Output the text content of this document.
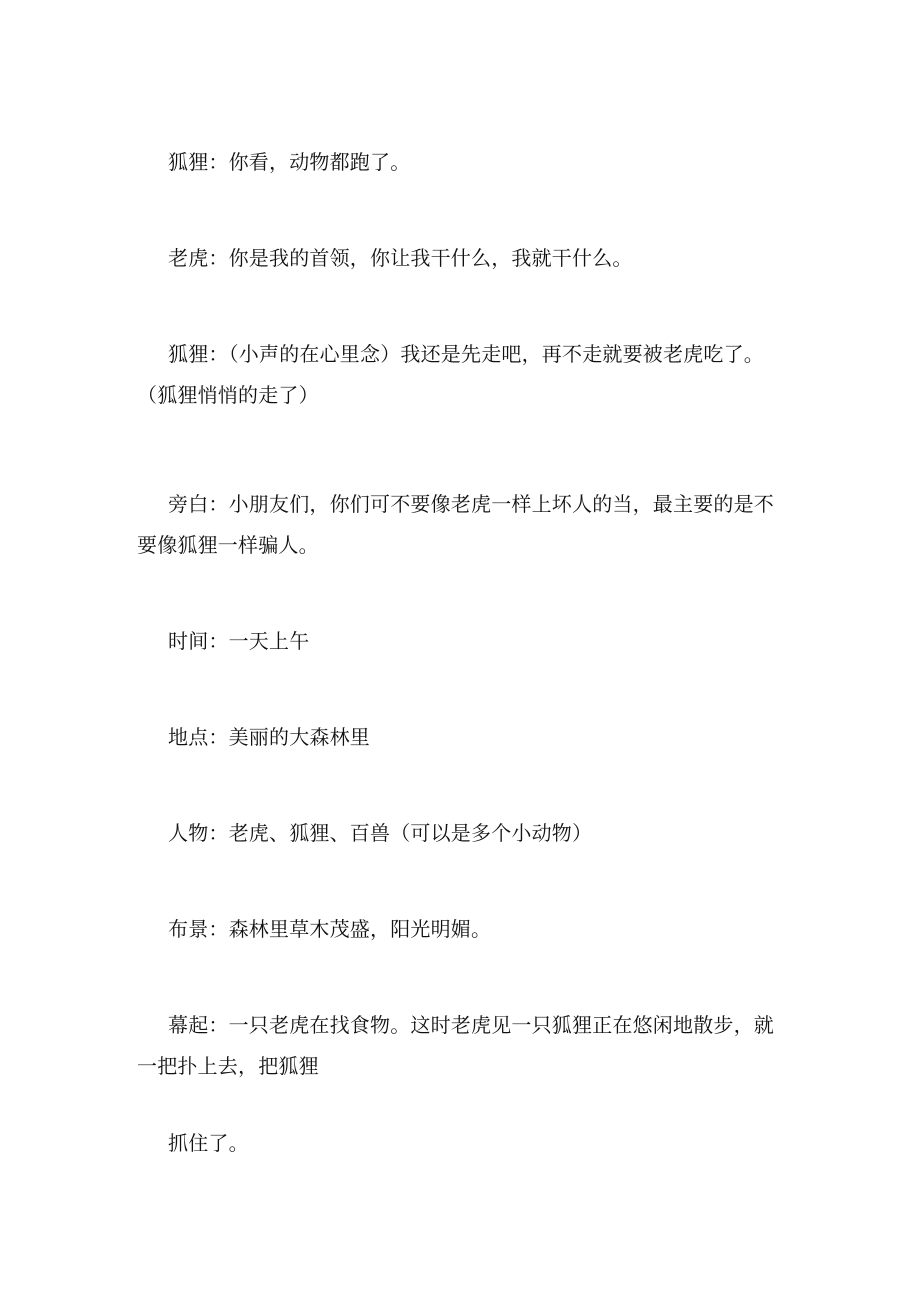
狐狸：你看，动物都跑了。

老虎：你是我的首领，你让我干什么，我就干什么。

狐狸：（小声的在心里念）我还是先走吧，再不走就要被老虎吃了。（狐狸悄悄的走了）

旁白：小朋友们，你们可不要像老虎一样上坏人的当，最主要的是不要像狐狸一样骗人。

时间：一天上午

地点：美丽的大森林里

人物：老虎、狐狸、百兽（可以是多个小动物）

布景：森林里草木茂盛，阳光明媚。

幕起：一只老虎在找食物。这时老虎见一只狐狸正在悠闲地散步，就一把扑上去，把狐狸

抓住了。
